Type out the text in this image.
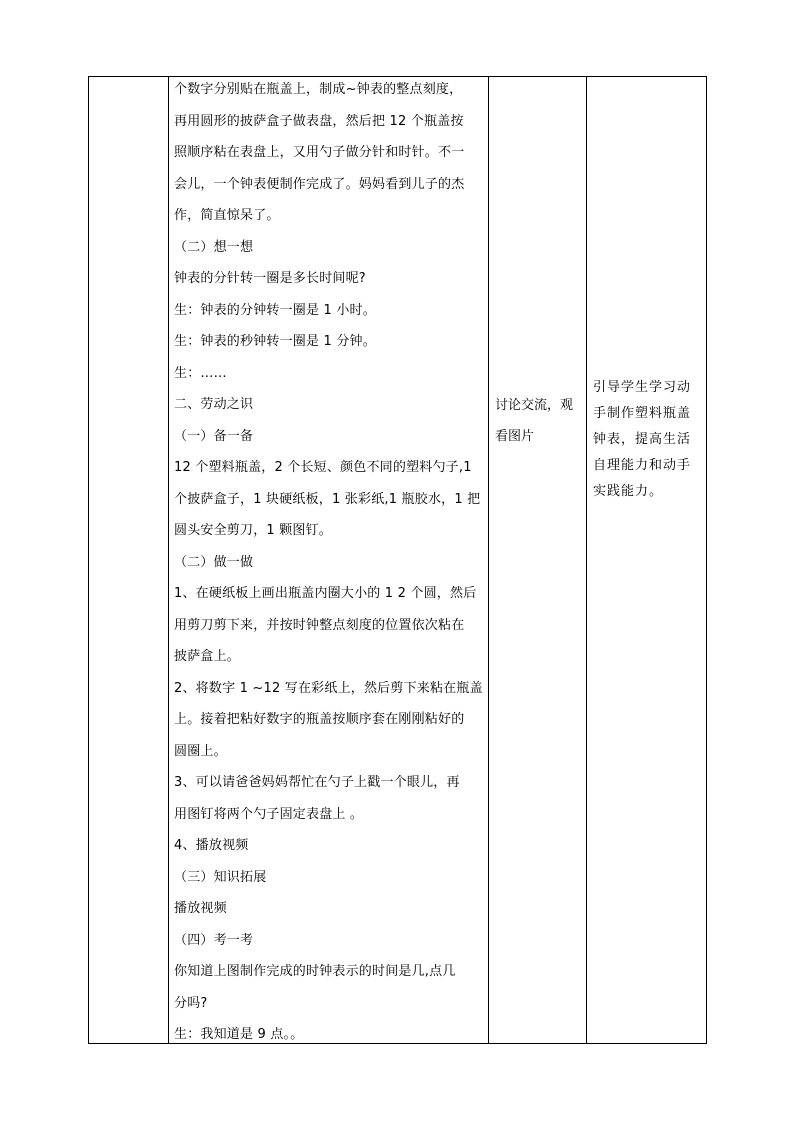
个数字分别贴在瓶盖上，制成~钟表的整点刻度，
再用圆形的披萨盒子做表盘，然后把 12 个瓶盖按
照顺序粘在表盘上，又用勺子做分针和时针。不一
会儿，一个钟表便制作完成了。妈妈看到儿子的杰
作，简直惊呆了。
（二）想一想
钟表的分针转一圈是多长时间呢?
生：钟表的分钟转一圈是 1 小时。
生：钟表的秒钟转一圈是 1 分钟。
生：……
二、劳动之识
（一）备一备
12 个塑料瓶盖，2 个长短、颜色不同的塑料勺子,1
个披萨盒子，1 块硬纸板，1 张彩纸,1 瓶胶水，1 把
圆头安全剪刀，1 颗图钉。
（二）做一做
1、在硬纸板上画出瓶盖内圈大小的 1 2 个圆，然后
用剪刀剪下来，并按时钟整点刻度的位置依次粘在
披萨盒上。
2、将数字 1 ~12 写在彩纸上，然后剪下来粘在瓶盖
上。接着把粘好数字的瓶盖按顺序套在刚刚粘好的
圆圈上。
3、可以请爸爸妈妈帮忙在勺子上戳一个眼儿，再
用图钉将两个勺子固定表盘上 。
4、播放视频
（三）知识拓展
播放视频
（四）考一考
你知道上图制作完成的时钟表示的时间是几,点几
分吗?
生：我知道是 9 点。。
讨论交流，观
看图片
引导学生学习动
手制作塑料瓶盖
钟表，提高生活
自理能力和动手
实践能力。
